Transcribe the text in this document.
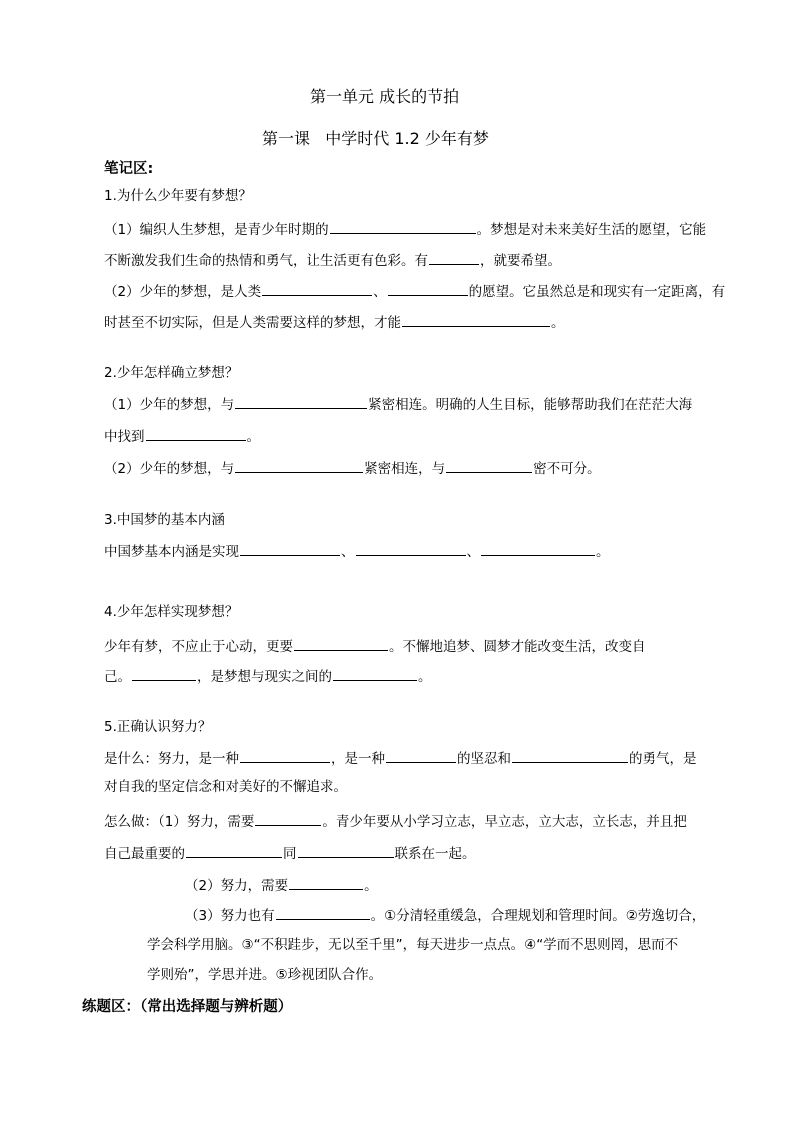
第一单元 成长的节拍
第一课   中学时代 1.2 少年有梦
笔记区:
1.为什么少年要有梦想？
（1）编织人生梦想，是青少年时期的	。梦想是对未来美好生活的愿望，它能
不断激发我们生命的热情和勇气，让生活更有色彩。有	，就要希望。
（2）少年的梦想，是人类	、	的愿望。它虽然总是和现实有一定距离，有
时甚至不切实际，但是人类需要这样的梦想，才能	。
2.少年怎样确立梦想？
（1）少年的梦想，与	紧密相连。明确的人生目标，能够帮助我们在茫茫大海
中找到	。
（2）少年的梦想，与	紧密相连，与	密不可分。
3.中国梦的基本内涵
中国梦基本内涵是实现	、	、	。
4.少年怎样实现梦想？
少年有梦，不应止于心动，更要	。不懈地追梦、圆梦才能改变生活，改变自
己。	，是梦想与现实之间的	。
5.正确认识努力？
是什么：努力，是一种	，是一种	的坚忍和	的勇气，是
对自我的坚定信念和对美好的不懈追求。
怎么做：（1）努力，需要	。青少年要从小学习立志，早立志，立大志，立长志，并且把
自己最重要的	同	联系在一起。
（2）努力，需要	。
（3）努力也有	。①分清轻重缓急，合理规划和管理时间。②劳逸切合，
学会科学用脑。③“不积跬步，无以至千里”，每天进步一点点。④“学而不思则罔，思而不
学则殆”，学思并进。⑤珍视团队合作。
练题区：（常出选择题与辨析题）
